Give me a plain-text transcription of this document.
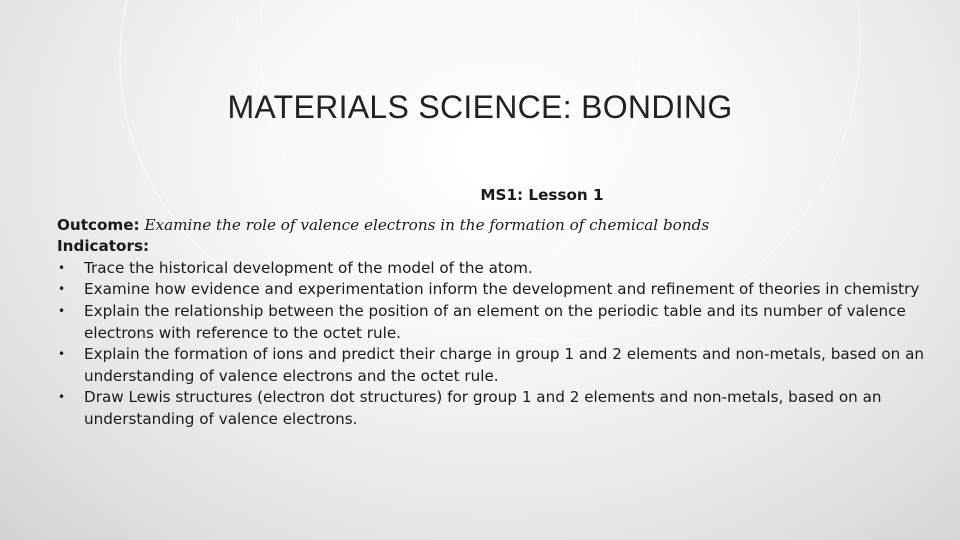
MATERIALS SCIENCE: BONDING

MS1: Lesson 1

Outcome: Examine the role of valence electrons in the formation of chemical bonds

Indicators:

• Trace the historical development of the model of the atom.
• Examine how evidence and experimentation inform the development and refinement of theories in chemistry
• Explain the relationship between the position of an element on the periodic table and its number of valence electrons with reference to the octet rule.
• Explain the formation of ions and predict their charge in group 1 and 2 elements and non-metals, based on an understanding of valence electrons and the octet rule.
• Draw Lewis structures (electron dot structures) for group 1 and 2 elements and non-metals, based on an understanding of valence electrons.
